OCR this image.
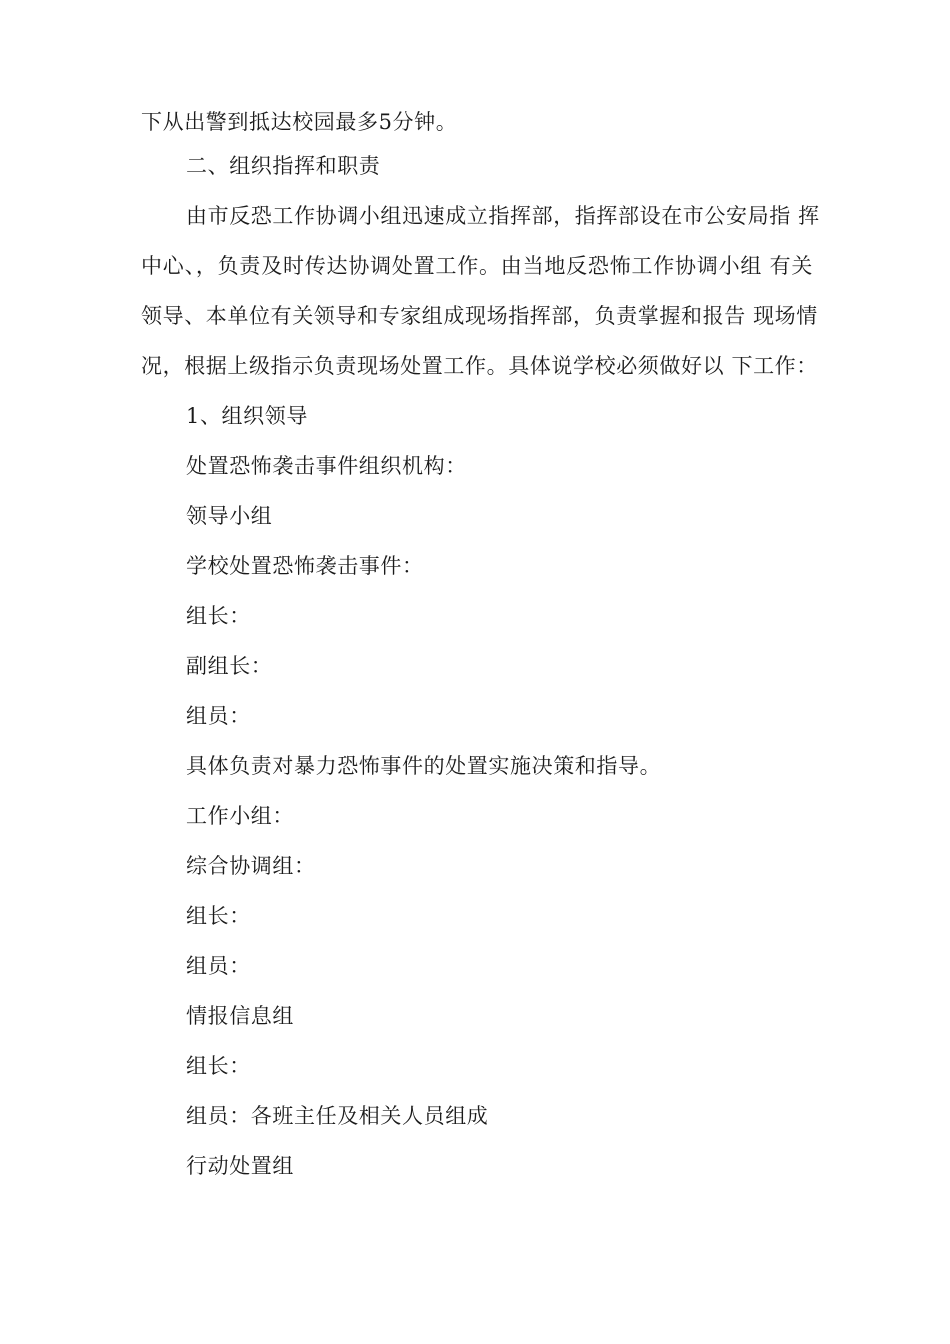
下从出警到抵达校园最多5分钟。
二、组织指挥和职责
由市反恐工作协调小组迅速成立指挥部，指挥部设在市公安局指 挥
中心、，负责及时传达协调处置工作。由当地反恐怖工作协调小组 有关
领导、本单位有关领导和专家组成现场指挥部，负责掌握和报告 现场情
况，根据上级指示负责现场处置工作。具体说学校必须做好以 下工作：
1、组织领导
处置恐怖袭击事件组织机构：
领导小组
学校处置恐怖袭击事件：
组长：
副组长：
组员：
具体负责对暴力恐怖事件的处置实施决策和指导。
工作小组：
综合协调组：
组长：
组员：
情报信息组
组长：
组员：各班主任及相关人员组成
行动处置组
